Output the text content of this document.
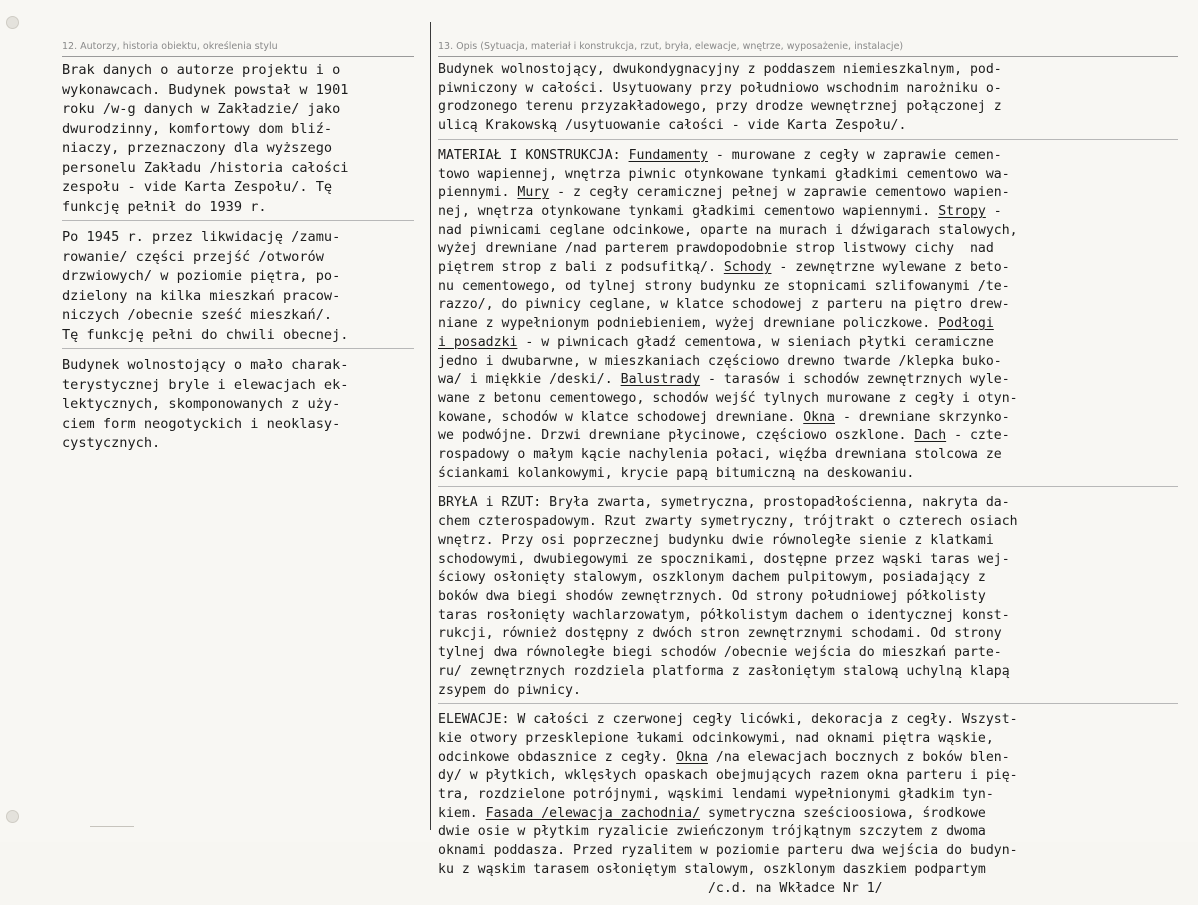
12. Autorzy, historia obiektu, określenia stylu
Brak danych o autorze projektu i o
wykonawcach. Budynek powstał w 1901
roku /w-g danych w Zakładzie/ jako
dwurodzinny, komfortowy dom bliź-
niaczy, przeznaczony dla wyższego
personelu Zakładu /historia całości
zespołu - vide Karta Zespołu/. Tę
funkcję pełnił do 1939 r.
Po 1945 r. przez likwidację /zamu-
rowanie/ części przejść /otworów
drzwiowych/ w poziomie piętra, po-
dzielony na kilka mieszkań pracow-
niczych /obecnie sześć mieszkań/.
Tę funkcję pełni do chwili obecnej.
Budynek wolnostojący o mało charak-
terystycznej bryle i elewacjach ek-
lektycznych, skomponowanych z uży-
ciem form neogotyckich i neoklasy-
cystycznych.
13. Opis (Sytuacja, materiał i konstrukcja, rzut, bryła, elewacje, wnętrze, wyposażenie, instalacje)
Budynek wolnostojący, dwukondygnacyjny z poddaszem niemieszkalnym, pod-
piwniczony w całości. Usytuowany przy południowo wschodnim narożniku o-
grodzonego terenu przyzakładowego, przy drodze wewnętrznej połączonej z
ulicą Krakowską /usytuowanie całości - vide Karta Zespołu/.
MATERIAŁ I KONSTRUKCJA: Fundamenty - murowane z cegły w zaprawie cemen-
towo wapiennej, wnętrza piwnic otynkowane tynkami gładkimi cementowo wa-
piennymi. Mury - z cegły ceramicznej pełnej w zaprawie cementowo wapien-
nej, wnętrza otynkowane tynkami gładkimi cementowo wapiennymi. Stropy -
nad piwnicami ceglane odcinkowe, oparte na murach i dźwigarach stalowych,
wyżej drewniane /nad parterem prawdopodobnie strop listwowy cichy  nad
piętrem strop z bali z podsufitką/. Schody - zewnętrzne wylewane z beto-
nu cementowego, od tylnej strony budynku ze stopnicami szlifowanymi /te-
razzo/, do piwnicy ceglane, w klatce schodowej z parteru na piętro drew-
niane z wypełnionym podniebieniem, wyżej drewniane policzkowe. Podłogi
i posadzki - w piwnicach gładź cementowa, w sieniach płytki ceramiczne
jedno i dwubarwne, w mieszkaniach częściowo drewno twarde /klepka buko-
wa/ i miękkie /deski/. Balustrady - tarasów i schodów zewnętrznych wyle-
wane z betonu cementowego, schodów wejść tylnych murowane z cegły i otyn-
kowane, schodów w klatce schodowej drewniane. Okna - drewniane skrzynko-
we podwójne. Drzwi drewniane płycinowe, częściowo oszklone. Dach - czte-
rospadowy o małym kącie nachylenia połaci, więźba drewniana stolcowa ze
ściankami kolankowymi, krycie papą bitumiczną na deskowaniu.
BRYŁA i RZUT: Bryła zwarta, symetryczna, prostopadłościenna, nakryta da-
chem czterospadowym. Rzut zwarty symetryczny, trójtrakt o czterech osiach
wnętrz. Przy osi poprzecznej budynku dwie równoległe sienie z klatkami
schodowymi, dwubiegowymi ze spocznikami, dostępne przez wąski taras wej-
ściowy osłonięty stalowym, oszklonym dachem pulpitowym, posiadający z
boków dwa biegi shodów zewnętrznych. Od strony południowej półkolisty
taras rosłonięty wachlarzowatym, półkolistym dachem o identycznej konst-
rukcji, również dostępny z dwóch stron zewnętrznymi schodami. Od strony
tylnej dwa równoległe biegi schodów /obecnie wejścia do mieszkań parte-
ru/ zewnętrznych rozdziela platforma z zasłoniętym stalową uchylną klapą
zsypem do piwnicy.
ELEWACJE: W całości z czerwonej cegły licówki, dekoracja z cegły. Wszyst-
kie otwory przesklepione łukami odcinkowymi, nad oknami piętra wąskie,
odcinkowe obdasznice z cegły. Okna /na elewacjach bocznych z boków blen-
dy/ w płytkich, wklęsłych opaskach obejmujących razem okna parteru i pię-
tra, rozdzielone potrójnymi, wąskimi lendami wypełnionymi gładkim tyn-
kiem. Fasada /elewacja zachodnia/ symetryczna sześcioosiowa, środkowe
dwie osie w płytkim ryzalicie zwieńczonym trójkątnym szczytem z dwoma
oknami poddasza. Przed ryzalitem w poziomie parteru dwa wejścia do budyn-
ku z wąskim tarasem osłoniętym stalowym, oszklonym daszkiem podpartym
/c.d. na Wkładce Nr 1/
